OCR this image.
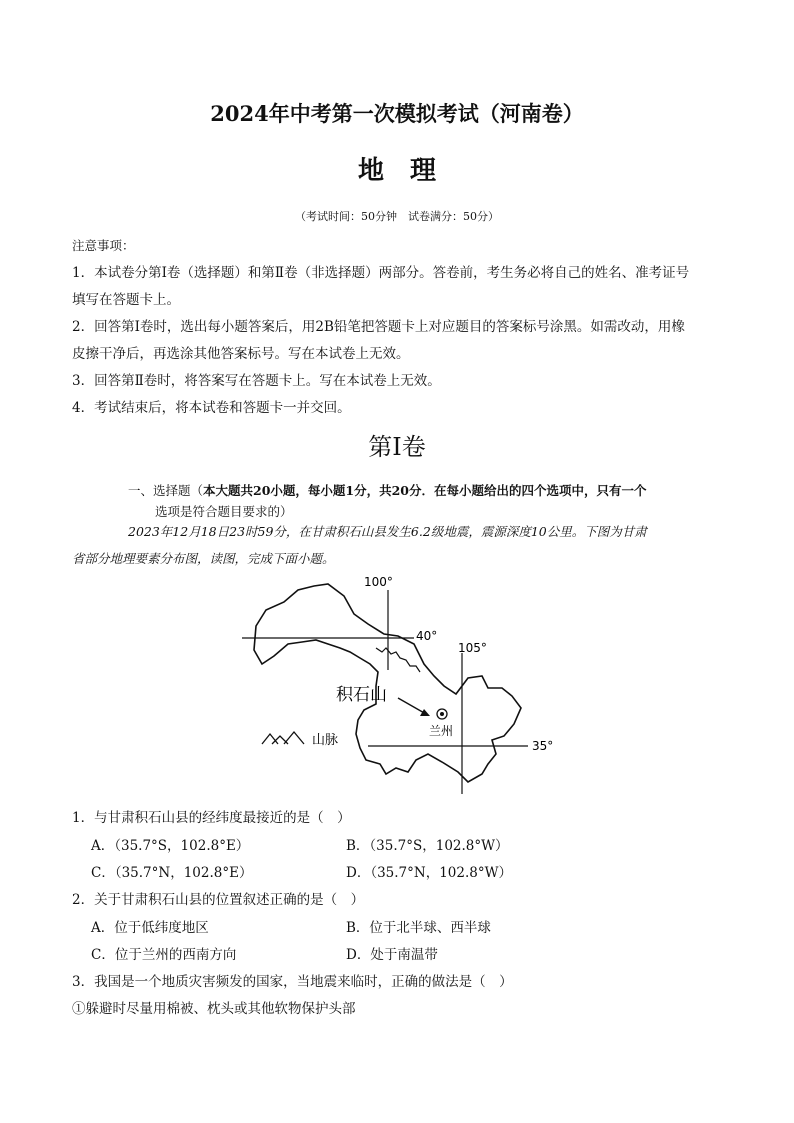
2024年中考第一次模拟考试（河南卷）
地理
（考试时间：50分钟　试卷满分：50分）
注意事项：
1．本试卷分第Ⅰ卷（选择题）和第Ⅱ卷（非选择题）两部分。答卷前，考生务必将自己的姓名、准考证号
填写在答题卡上。
2．回答第Ⅰ卷时，选出每小题答案后，用2B铅笔把答题卡上对应题目的答案标号涂黑。如需改动，用橡
皮擦干净后，再选涂其他答案标号。写在本试卷上无效。
3．回答第Ⅱ卷时，将答案写在答题卡上。写在本试卷上无效。
4．考试结束后，将本试卷和答题卡一并交回。
第Ⅰ卷
一、选择题（本大题共20小题，每小题1分，共20分．在每小题给出的四个选项中，只有一个
选项是符合题目要求的）
2023年12月18日23时59分，在甘肃积石山县发生6.2级地震，震源深度10公里。下图为甘肃
省部分地理要素分布图，读图，完成下面小题。
100°
40°
105°
35°
积石山
兰州
山脉
1．与甘肃积石山县的经纬度最接近的是（　）
A．（35.7°S，102.8°E）	B．（35.7°S，102.8°W）
C．（35.7°N，102.8°E）	D．（35.7°N，102.8°W）
2．关于甘肃积石山县的位置叙述正确的是（　）
A．位于低纬度地区	B．位于北半球、西半球
C．位于兰州的西南方向	D．处于南温带
3．我国是一个地质灾害频发的国家，当地震来临时，正确的做法是（　）
①躲避时尽量用棉被、枕头或其他软物保护头部
